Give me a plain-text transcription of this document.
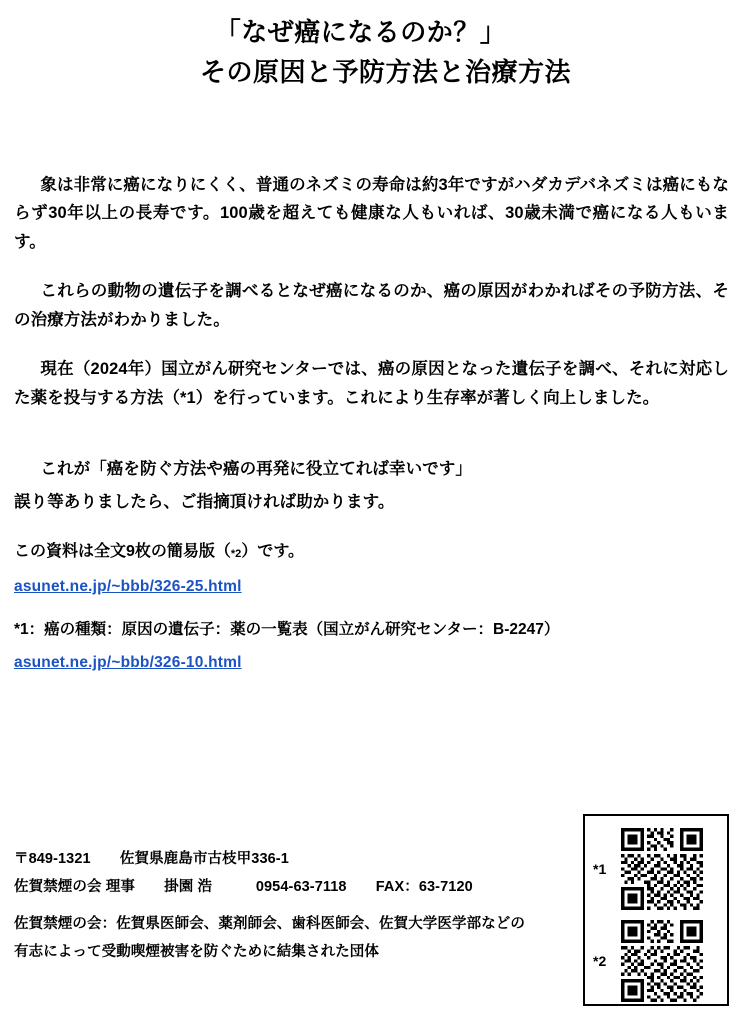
「なぜ癌になるのか？」
その原因と予防方法と治療方法

象は非常に癌になりにくく、普通のネズミの寿命は約3年ですがハダカデバネズミは癌にもならず30年以上の長寿です。100歳を超えても健康な人もいれば、30歳未満で癌になる人もいます。

これらの動物の遺伝子を調べるとなぜ癌になるのか、癌の原因がわかればその予防方法、その治療方法がわかりました。

現在（2024年）国立がん研究センターでは、癌の原因となった遺伝子を調べ、それに対応した薬を投与する方法（*1）を行っています。これにより生存率が著しく向上しました。

これが「癌を防ぐ方法や癌の再発に役立てれば幸いです」

誤り等ありましたら、ご指摘頂ければ助かります。

この資料は全文9枚の簡易版$(_{*2})$です。
asunet.ne.jp/~bbb/326-25.html
*1：癌の種類：原因の遺伝子：薬の一覧表（国立がん研究センター：B-2247）
asunet.ne.jp/~bbb/326-10.html
〒849-1321　　佐賀県鹿島市古枝甲336-1
佐賀禁煙の会 理事　　掛園 浩　　　0954-63-7118　　FAX：63-7120
佐賀禁煙の会：佐賀県医師会、薬剤師会、歯科医師会、佐賀大学医学部などの
有志によって受動喫煙被害を防ぐために結集された団体
*1
*2
